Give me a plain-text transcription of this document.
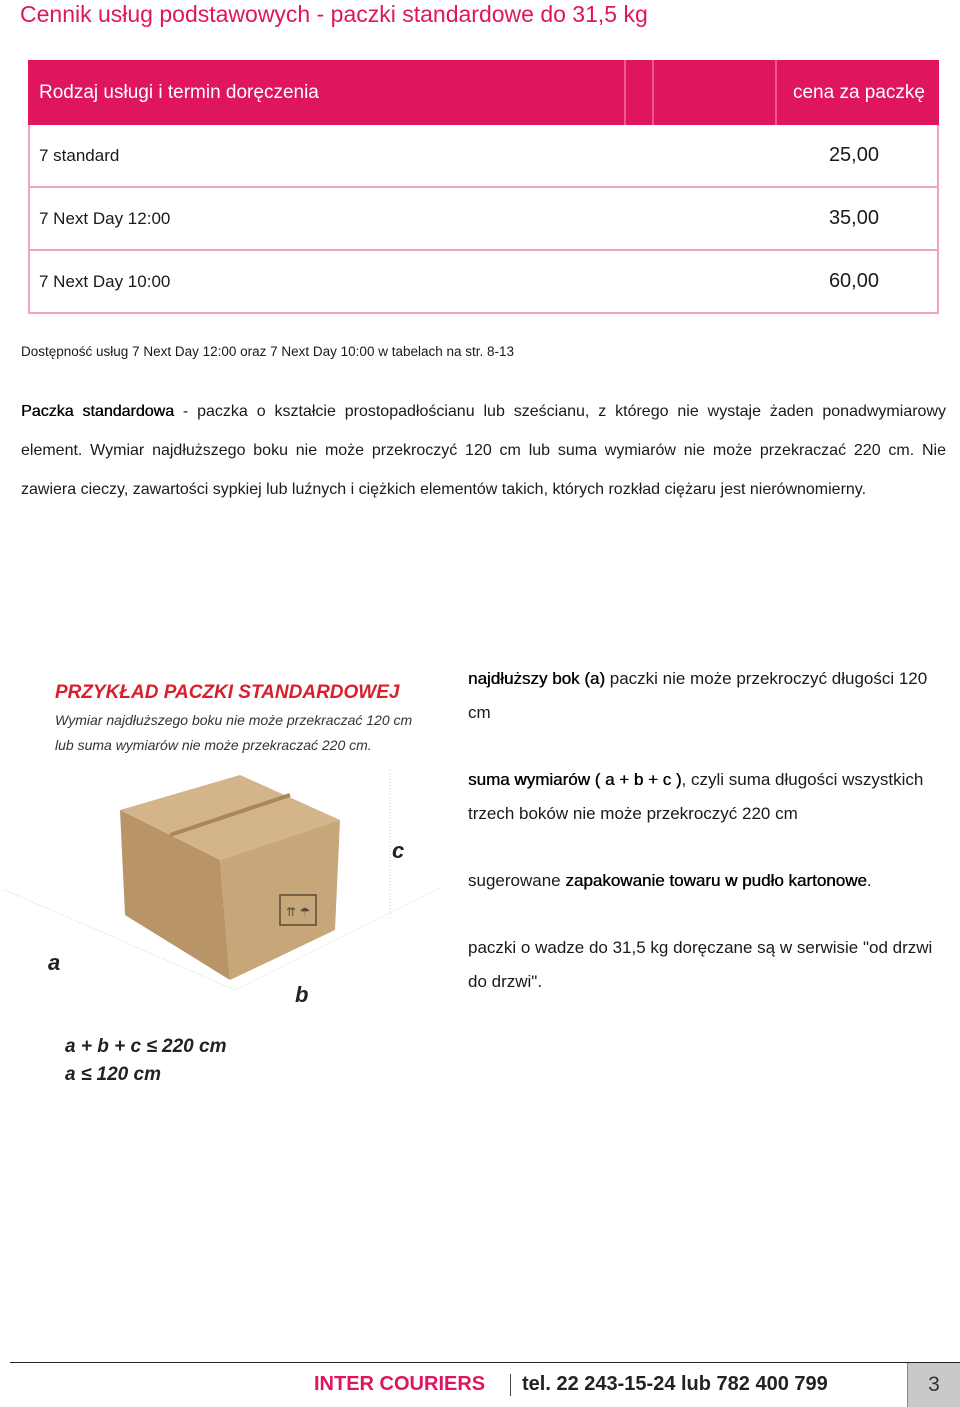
Cennik usług podstawowych - paczki standardowe do 31,5 kg
Rodzaj usługi i termin doręczenia	cena za paczkę
7 standard	25,00
7 Next Day 12:00	35,00
7 Next Day 10:00	60,00
Dostępność usług 7 Next Day 12:00 oraz 7 Next Day 10:00 w tabelach na str. 8-13

Paczka standardowa - paczka o kształcie prostopadłościanu lub sześcianu, z którego nie wystaje żaden ponadwymiarowy element. Wymiar najdłuższego boku nie może przekroczyć 120 cm lub suma wymiarów nie może przekraczać 220 cm. Nie zawiera cieczy, zawartości sypkiej lub luźnych i ciężkich elementów takich, których rozkład ciężaru jest nierównomierny.

PRZYKŁAD PACZKI STANDARDOWEJ
Wymiar najdłuższego boku nie może przekraczać 120 cm
lub suma wymiarów nie może przekraczać 220 cm.
⇈ ☂
a
b
c
a + b + c ≤ 220 cm
a ≤ 120 cm

najdłuższy bok (a) paczki nie może przekroczyć długości 120 cm

suma wymiarów ( a + b + c ), czyli suma długości wszystkich trzech boków nie może przekroczyć 220 cm

sugerowane zapakowanie towaru w pudło kartonowe.

paczki o wadze do 31,5 kg doręczane są w serwisie "od drzwi do drzwi".

INTER COURIERS tel. 22 243-15-24 lub 782 400 799	3
